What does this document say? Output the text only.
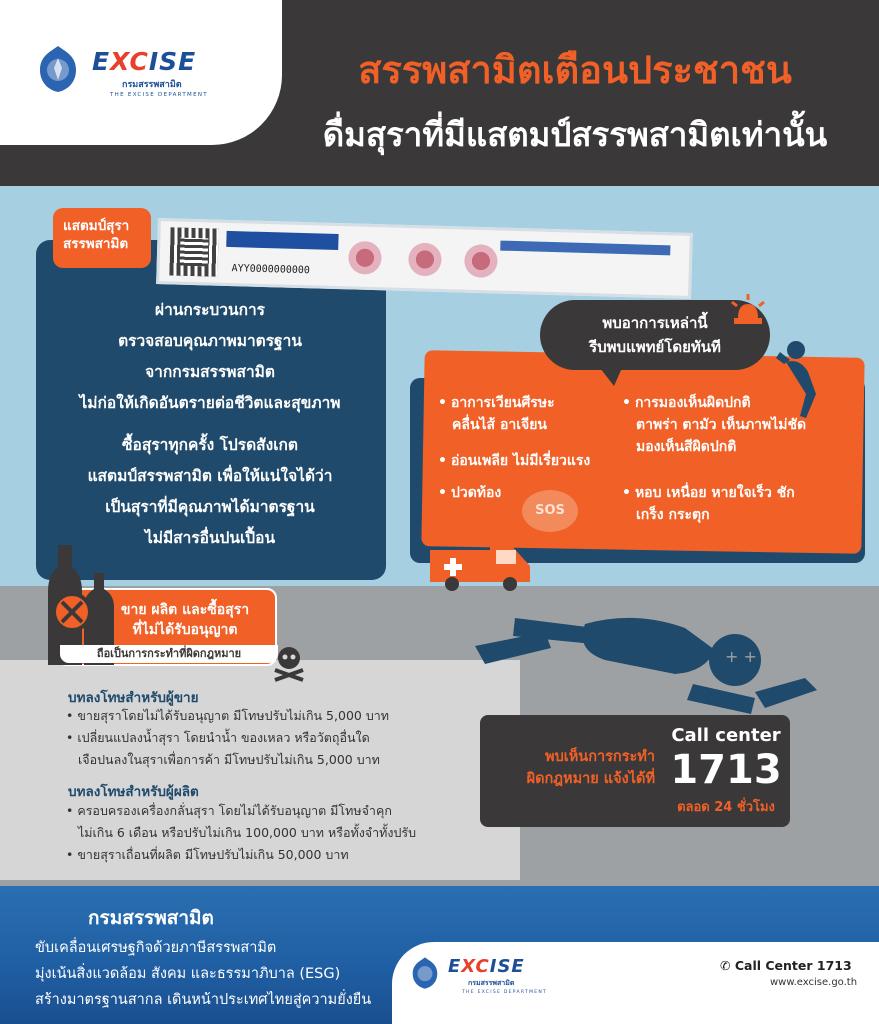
EXCISE
กรมสรรพสามิต
THE EXCISE DEPARTMENT
สรรพสามิตเตือนประชาชน
ดื่มสุราที่มีแสตมป์สรรพสามิตเท่านั้น
แสตมป์สุรา
สรรพสามิต
AYY0000000000
ผ่านกระบวนการ
ตรวจสอบคุณภาพมาตรฐาน
จากกรมสรรพสามิต
ไม่ก่อให้เกิดอันตรายต่อชีวิตและสุขภาพ
ซื้อสุราทุกครั้ง โปรดสังเกต
แสตมป์สรรพสามิต เพื่อให้แน่ใจได้ว่า
เป็นสุราที่มีคุณภาพได้มาตรฐาน
ไม่มีสารอื่นปนเปื้อน
พบอาการเหล่านี้
รีบพบแพทย์โดยทันที
• อาการเวียนศีรษะ
คลื่นไส้ อาเจียน
• อ่อนเพลีย ไม่มีเรี่ยวแรง
• ปวดท้อง
• การมองเห็นผิดปกติ
ตาพร่า ตามัว เห็นภาพไม่ชัด
มองเห็นสีผิดปกติ
• หอบ เหนื่อย หายใจเร็ว ชัก
เกร็ง กระตุก
SOS
ขาย ผลิต และซื้อสุรา
ที่ไม่ได้รับอนุญาต
ถือเป็นการกระทำที่ผิดกฎหมาย
บทลงโทษสำหรับผู้ขาย
• ขายสุราโดยไม่ได้รับอนุญาต มีโทษปรับไม่เกิน 5,000 บาท
• เปลี่ยนแปลงน้ำสุรา โดยนำน้ำ ของเหลว หรือวัตถุอื่นใด
เจือปนลงในสุราเพื่อการค้า มีโทษปรับไม่เกิน 5,000 บาท
บทลงโทษสำหรับผู้ผลิต
• ครอบครองเครื่องกลั่นสุรา โดยไม่ได้รับอนุญาต มีโทษจำคุก
ไม่เกิน 6 เดือน หรือปรับไม่เกิน 100,000 บาท หรือทั้งจำทั้งปรับ
• ขายสุราเถื่อนที่ผลิต มีโทษปรับไม่เกิน 50,000 บาท
+ +
พบเห็นการกระทำ
ผิดกฎหมาย แจ้งได้ที่
Call center
1713
ตลอด 24 ชั่วโมง
กรมสรรพสามิต
ขับเคลื่อนเศรษฐกิจด้วยภาษีสรรพสามิต
มุ่งเน้นสิ่งแวดล้อม สังคม และธรรมาภิบาล (ESG)
สร้างมาตรฐานสากล เดินหน้าประเทศไทยสู่ความยั่งยืน
EXCISE
กรมสรรพสามิต
THE EXCISE DEPARTMENT
✆ Call Center 1713
www.excise.go.th
